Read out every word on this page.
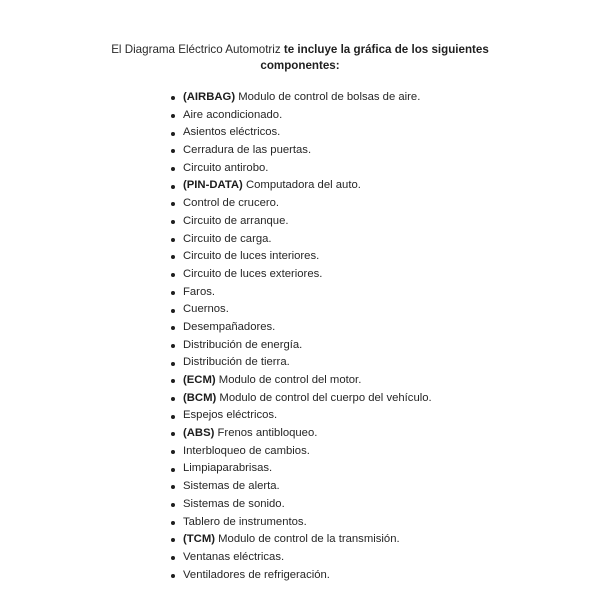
El Diagrama Eléctrico Automotriz te incluye la gráfica de los siguientes
componentes:
(AIRBAG) Modulo de control de bolsas de aire.
Aire acondicionado.
Asientos eléctricos.
Cerradura de las puertas.
Circuito antirobo.
(PIN-DATA) Computadora del auto.
Control de crucero.
Circuito de arranque.
Circuito de carga.
Circuito de luces interiores.
Circuito de luces exteriores.
Faros.
Cuernos.
Desempañadores.
Distribución de energía.
Distribución de tierra.
(ECM) Modulo de control del motor.
(BCM) Modulo de control del cuerpo del vehículo.
Espejos eléctricos.
(ABS) Frenos antibloqueo.
Interbloqueo de cambios.
Limpiaparabrisas.
Sistemas de alerta.
Sistemas de sonido.
Tablero de instrumentos.
(TCM) Modulo de control de la transmisión.
Ventanas eléctricas.
Ventiladores de refrigeración.
